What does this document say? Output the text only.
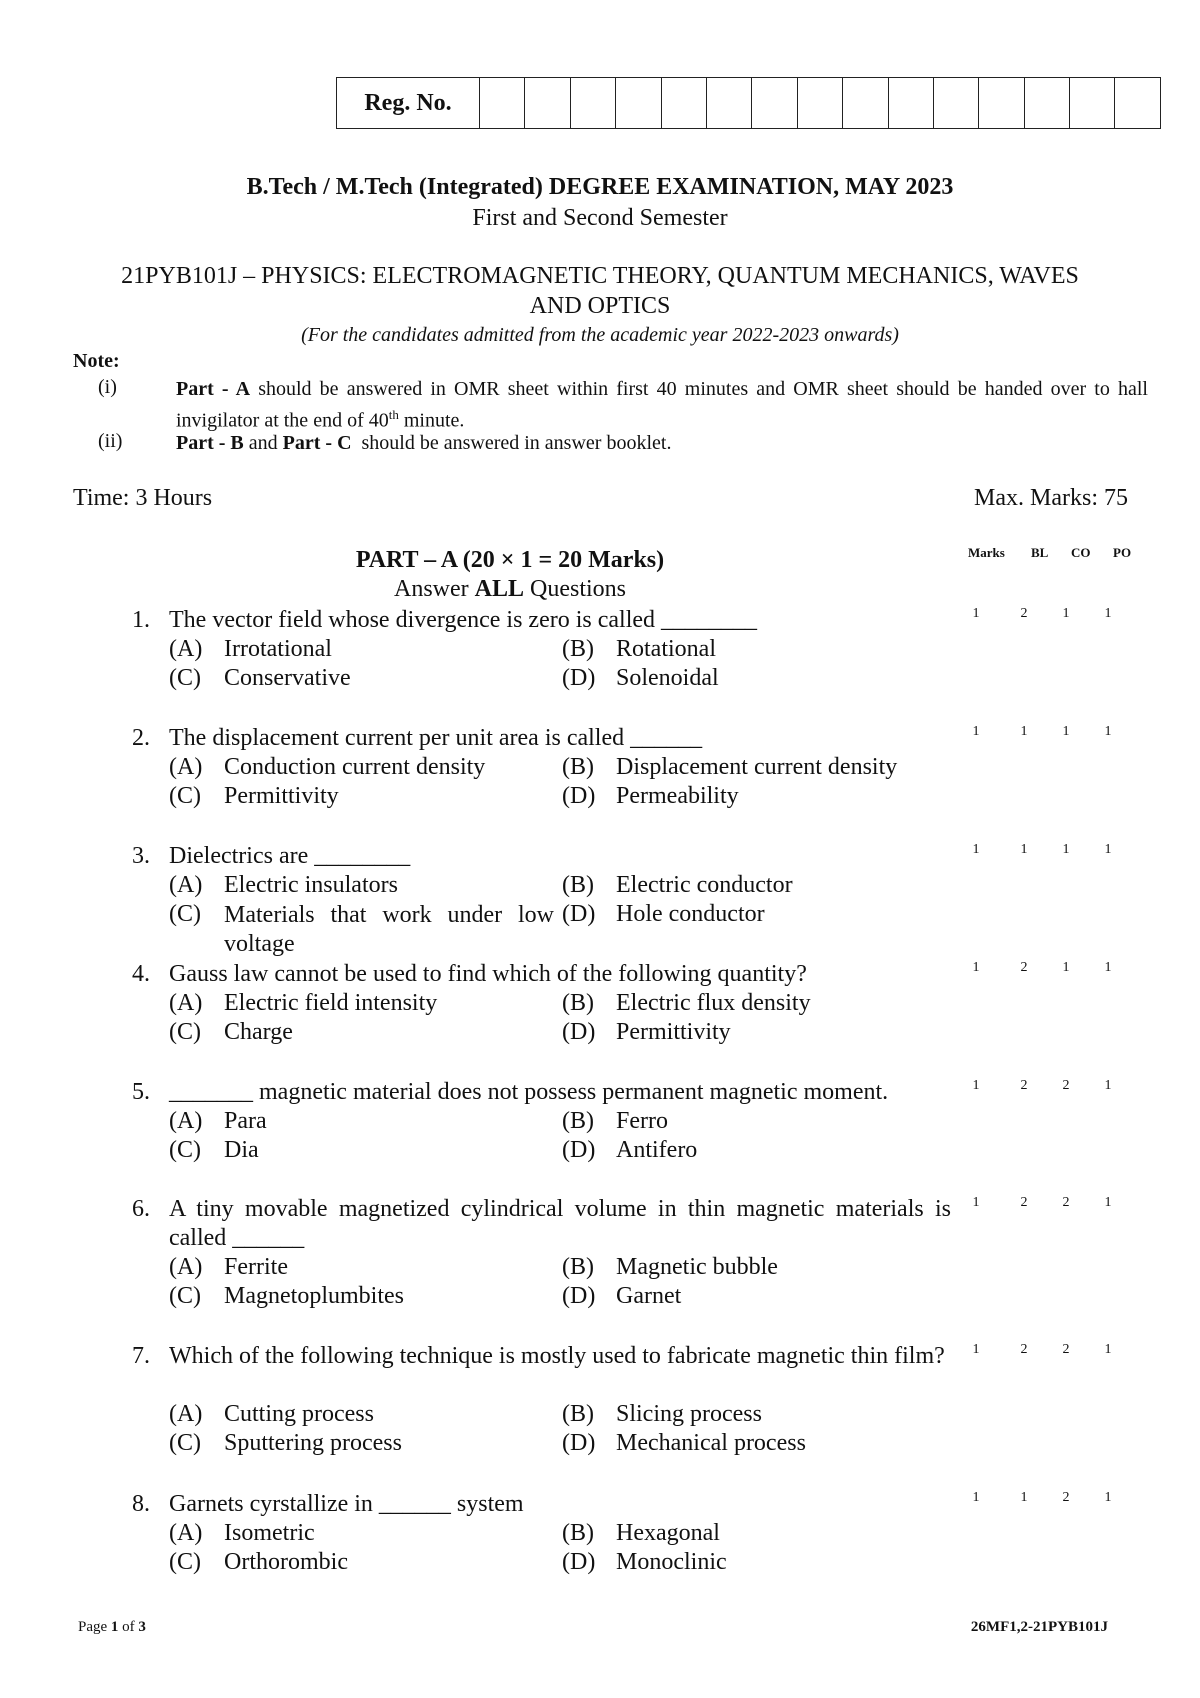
Reg. No.
B.Tech / M.Tech (Integrated) DEGREE EXAMINATION, MAY 2023
First and Second Semester
21PYB101J – PHYSICS: ELECTROMAGNETIC THEORY, QUANTUM MECHANICS, WAVES
AND OPTICS
(For the candidates admitted from the academic year 2022-2023 onwards)
Note:
(i)	Part - A should be answered in OMR sheet within first 40 minutes and OMR sheet should be handed over to hall invigilator at the end of 40th minute.
(ii)	Part - B and Part - C  should be answered in answer booklet.
Time: 3 Hours	Max. Marks: 75
PART – A (20 × 1 = 20 Marks)
Answer ALL Questions
Marks BL CO PO
1. The vector field whose divergence is zero is called ________
(A) Irrotational	(B) Rotational
(C) Conservative	(D) Solenoidal
1	2	1	1
2. The displacement current per unit area is called ______
(A) Conduction current density	(B) Displacement current density
(C) Permittivity	(D) Permeability
1	1	1	1
3. Dielectrics are ________
(A) Electric insulators	(B) Electric conductor
(C) Materials that work under low voltage
(D) Hole conductor
1	1	1	1
4. Gauss law cannot be used to find which of the following quantity?
(A) Electric field intensity	(B) Electric flux density
(C) Charge	(D) Permittivity
1	2	1	1
5. _______ magnetic material does not possess permanent magnetic moment.
(A) Para	(B) Ferro
(C) Dia	(D) Antifero
1	2	2	1
6. A tiny movable magnetized cylindrical volume in thin magnetic materials is called ______
(A) Ferrite	(B) Magnetic bubble
(C) Magnetoplumbites	(D) Garnet
1	2	2	1
7. Which of the following technique is mostly used to fabricate magnetic thin film?
(A) Cutting process	(B) Slicing process
(C) Sputtering process	(D) Mechanical process
1	2	2	1
8. Garnets cyrstallize in ______ system
(A) Isometric	(B) Hexagonal
(C) Orthorombic	(D) Monoclinic
1	1	2	1
Page 1 of 3	26MF1,2-21PYB101J
